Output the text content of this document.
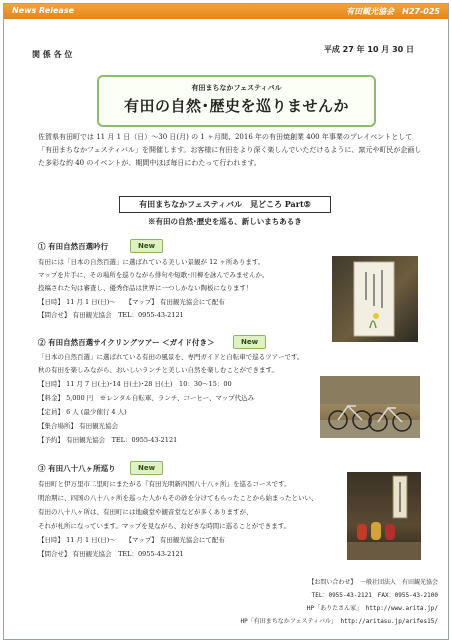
News Release	有田観光協会　H27-025
平成 27 年 10 月 30 日
関 係 各 位
有田まちなかフェスティバル
有田の自然･歴史を巡りませんか
佐賀県有田町では 11 月 1 日（日）～30 日(月) の 1 ヶ月間、2016 年の有田焼創業 400 年事業のプレイベントとして「有田まちなかフェスティバル」を開催します。お客様に有田をより深く楽しんでいただけるように、窯元や町民が企画した多彩な約 40 のイベントが、期間中ほぼ毎日にわたって行われます。
有田まちなかフェスティバル　見どころ Part⑤
※有田の自然･歴史を巡る、新しいまちあるき
① 有田自然百選吟行	New
有田には「日本の自然百選」に選ばれている美しい景観が 12 ヶ所あります。
マップを片手に、その場所を巡りながら俳句や短歌･川柳を詠んでみませんか。
投稿された句は審査し、優秀作品は世界に一つしかない陶板になります！
【日時】 11 月 1 日(日)～　　【マップ】 有田観光協会にて配布
【問合せ】 有田観光協会　TEL：0955-43-2121
② 有田自然百選サイクリングツアー ＜ガイド付き＞	New
「日本の自然百選」に選ばれている有田の風景を、専門ガイドと自転車で巡るツアーです。
秋の有田を楽しみながら、おいしいランチと美しい自然を楽しむことができます。
【日時】 11 月 7 日(土)･14 日(土)･28 日(土)　10：30～15：00
【料金】 5,000 円　※レンタル自転車、ランチ、コーヒー、マップ代込み
【定員】 6 人 (最少催行 4 人)
【集合場所】 有田観光協会
【予約】 有田観光協会　TEL：0955-43-2121
③ 有田八十八ヶ所巡り	New
有田町と伊万里市二里町にまたがる『有田光明新四国八十八ヶ所』を巡るコースです。
明治期に、四国の八十八ヶ所を巡った人からその砂を分けてもらったことから始まったといい、
有田の八十八ヶ所は、有田町には地蔵堂や観音堂などが多くありますが、
それが札所になっています。マップを見ながら、お好きな時間に巡ることができます。
【日時】 11 月 1 日(日)～　　【マップ】 有田観光協会にて配布
【問合せ】 有田観光協会　TEL：0955-43-2121
【お問い合わせ】 一般社団法人　有田観光協会
TEL：0955-43-2121　FAX：0955-43-2100
HP「ありたさん家」 http://www.arita.jp/
HP「有田まちなかフェスティバル」 http://aritasu.jp/arifes15/
